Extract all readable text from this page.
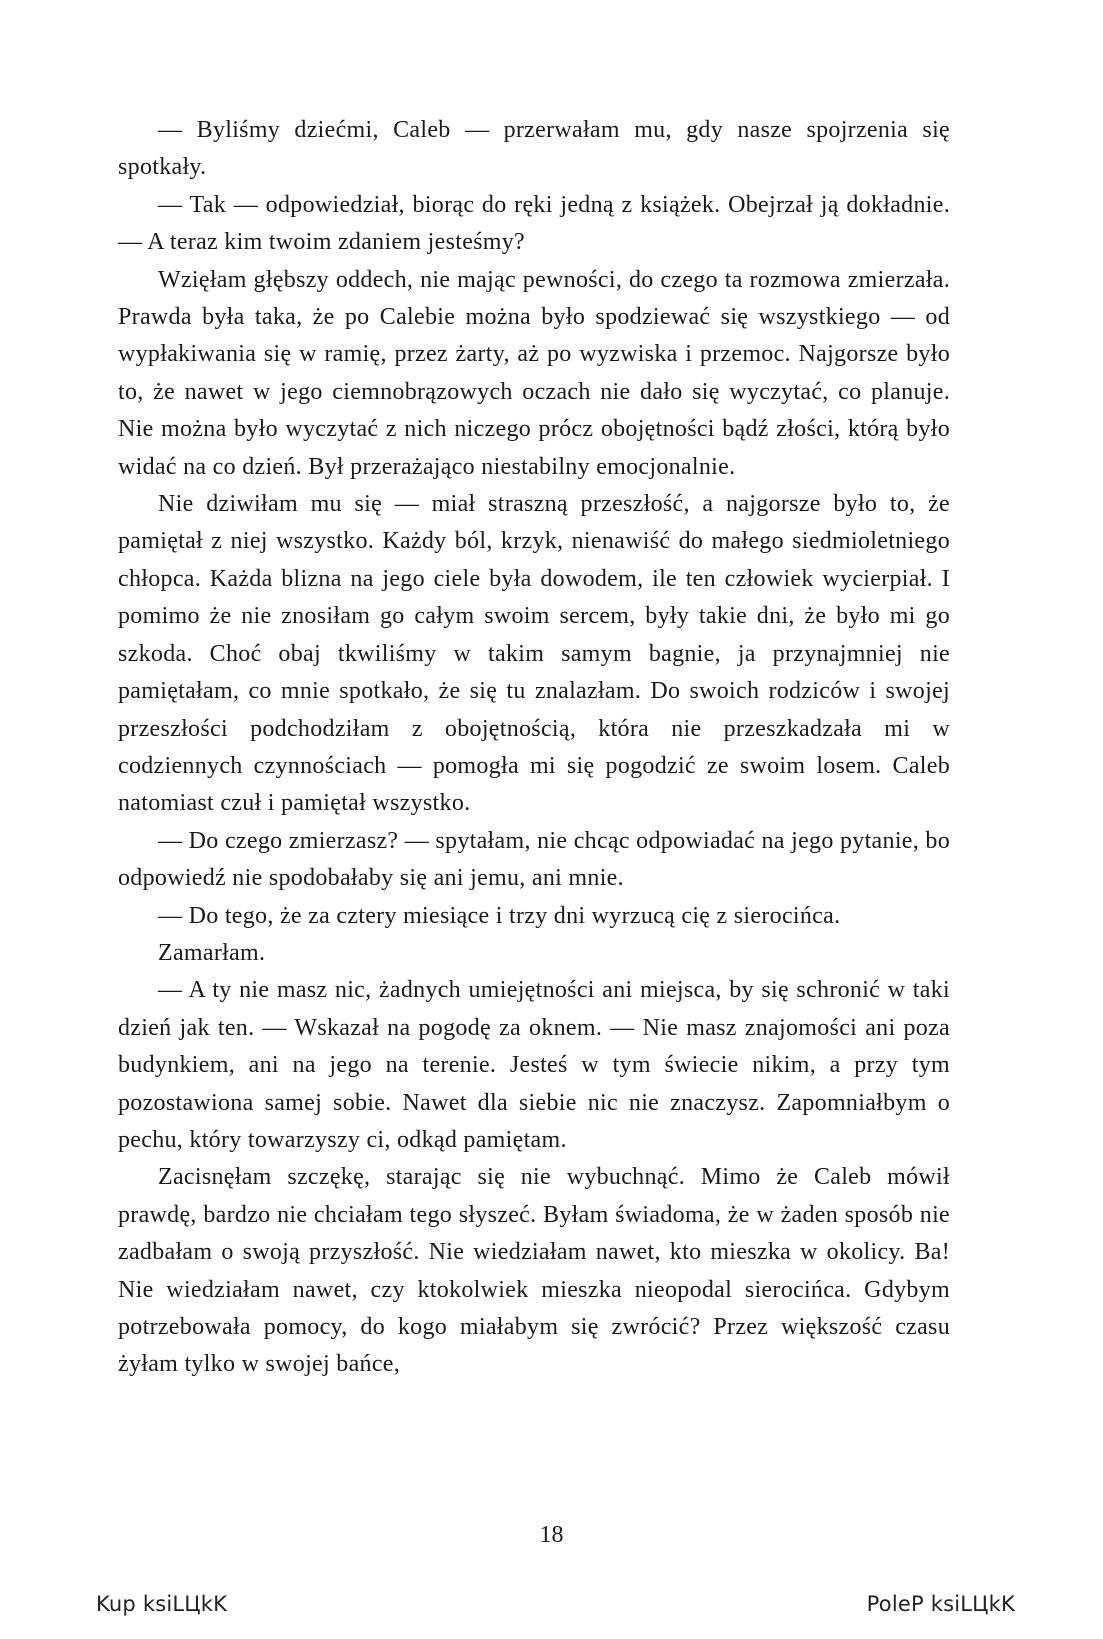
— Byliśmy dziećmi, Caleb — przerwałam mu, gdy nasze spojrzenia się spotkały.

— Tak — odpowiedział, biorąc do ręki jedną z książek. Obejrzał ją dokładnie. — A teraz kim twoim zdaniem jesteśmy?

Wzięłam głębszy oddech, nie mając pewności, do czego ta rozmowa zmierzała. Prawda była taka, że po Calebie można było spodziewać się wszystkiego — od wypłakiwania się w ramię, przez żarty, aż po wyzwiska i przemoc. Najgorsze było to, że nawet w jego ciemnobrązowych oczach nie dało się wyczytać, co planuje. Nie można było wyczytać z nich niczego prócz obojętności bądź złości, którą było widać na co dzień. Był przerażająco niestabilny emocjonalnie.

Nie dziwiłam mu się — miał straszną przeszłość, a najgorsze było to, że pamiętał z niej wszystko. Każdy ból, krzyk, nienawiść do małego siedmioletniego chłopca. Każda blizna na jego ciele była dowodem, ile ten człowiek wycierpiał. I pomimo że nie znosiłam go całym swoim sercem, były takie dni, że było mi go szkoda. Choć obaj tkwiliśmy w takim samym bagnie, ja przynajmniej nie pamiętałam, co mnie spotkało, że się tu znalazłam. Do swoich rodziców i swojej przeszłości podchodziłam z obojętnością, która nie przeszkadzała mi w codziennych czynnościach — pomogła mi się pogodzić ze swoim losem. Caleb natomiast czuł i pamiętał wszystko.

— Do czego zmierzasz? — spytałam, nie chcąc odpowiadać na jego pytanie, bo odpowiedź nie spodobałaby się ani jemu, ani mnie.

— Do tego, że za cztery miesiące i trzy dni wyrzucą cię z sierocińca.

Zamarłam.

— A ty nie masz nic, żadnych umiejętności ani miejsca, by się schronić w taki dzień jak ten. — Wskazał na pogodę za oknem. — Nie masz znajomości ani poza budynkiem, ani na jego na terenie. Jesteś w tym świecie nikim, a przy tym pozostawiona samej sobie. Nawet dla siebie nic nie znaczysz. Zapomniałbym o pechu, który towarzyszy ci, odkąd pamiętam.

Zacisnęłam szczękę, starając się nie wybuchnąć. Mimo że Caleb mówił prawdę, bardzo nie chciałam tego słyszeć. Byłam świadoma, że w żaden sposób nie zadbałam o swoją przyszłość. Nie wiedziałam nawet, kto mieszka w okolicy. Ba! Nie wiedziałam nawet, czy ktokolwiek mieszka nieopodal sierocińca. Gdybym potrzebowała pomocy, do kogo miałabym się zwrócić? Przez większość czasu żyłam tylko w swojej bańce,

18
Kup ksiLЦkK	PoleP ksiLЦkK
